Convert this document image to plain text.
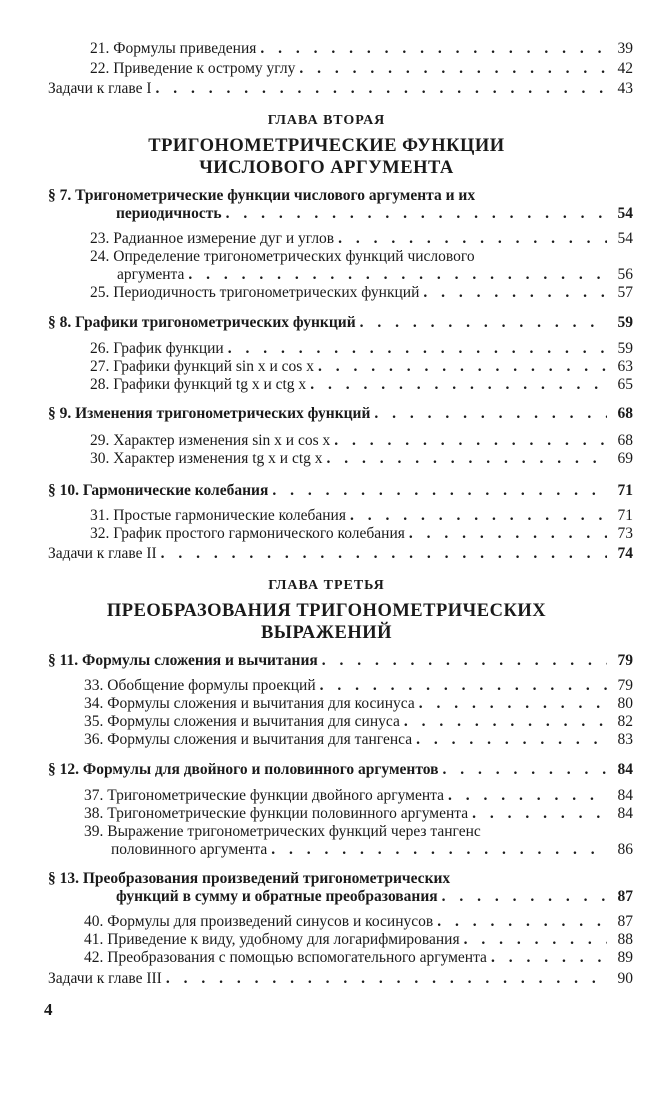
21. Формулы приведения . . .	39
22. Приведение к острому углу . . .	42
Задачи к главе I . . .	43
ГЛАВА ВТОРАЯ
ТРИГОНОМЕТРИЧЕСКИЕ ФУНКЦИИ
ЧИСЛОВОГО АРГУМЕНТА
§ 7. Тригонометрические функции числового аргумента и их
периодичность . . .	54
23. Радианное измерение дуг и углов . . .	54
24. Определение тригонометрических функций числового
аргумента . . .	56
25. Периодичность тригонометрических функций . . .	57
§ 8. Графики тригонометрических функций . . .	59
26. График функции . . .	59
27. Графики функций sin x и cos x . . .	63
28. Графики функций tg x и ctg x . . .	65
§ 9. Изменения тригонометрических функций . . .	68
29. Характер изменения sin x и cos x . . .	68
30. Характер изменения tg x и ctg x . . .	69
§ 10. Гармонические колебания . . .	71
31. Простые гармонические колебания . . .	71
32. График простого гармонического колебания . . .	73
Задачи к главе II . . .	74
ГЛАВА ТРЕТЬЯ
ПРЕОБРАЗОВАНИЯ ТРИГОНОМЕТРИЧЕСКИХ
ВЫРАЖЕНИЙ
§ 11. Формулы сложения и вычитания . . .	79
33. Обобщение формулы проекций . . .	79
34. Формулы сложения и вычитания для косинуса . . .	80
35. Формулы сложения и вычитания для синуса . . .	82
36. Формулы сложения и вычитания для тангенса . . .	83
§ 12. Формулы для двойного и половинного аргументов . . .	84
37. Тригонометрические функции двойного аргумента . . .	84
38. Тригонометрические функции половинного аргумента . . .	84
39. Выражение тригонометрических функций через тангенс
половинного аргумента . . .	86
§ 13. Преобразования произведений тригонометрических
функций в сумму и обратные преобразования . . .	87
40. Формулы для произведений синусов и косинусов . . .	87
41. Приведение к виду, удобному для логарифмирования . . .	88
42. Преобразования с помощью вспомогательного аргумента . . .	89
Задачи к главе III . . .	90
4
